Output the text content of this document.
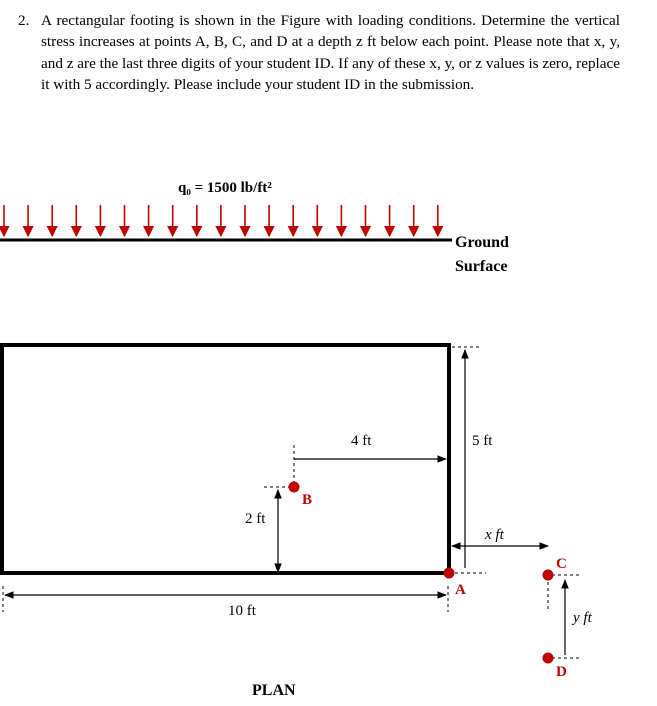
2. A rectangular footing is shown in the Figure with loading conditions. Determine the vertical stress increases at points A, B, C, and D at a depth z ft below each point. Please note that x, y, and z are the last three digits of your student ID. If any of these x, y, or z values is zero, replace it with 5 accordingly. Please include your student ID in the submission.
q₀ = 1500 lb/ft²
Ground
Surface
4 ft	5 ft
2 ft
x ft
10 ft	y ft
B
A
C
D
PLAN
